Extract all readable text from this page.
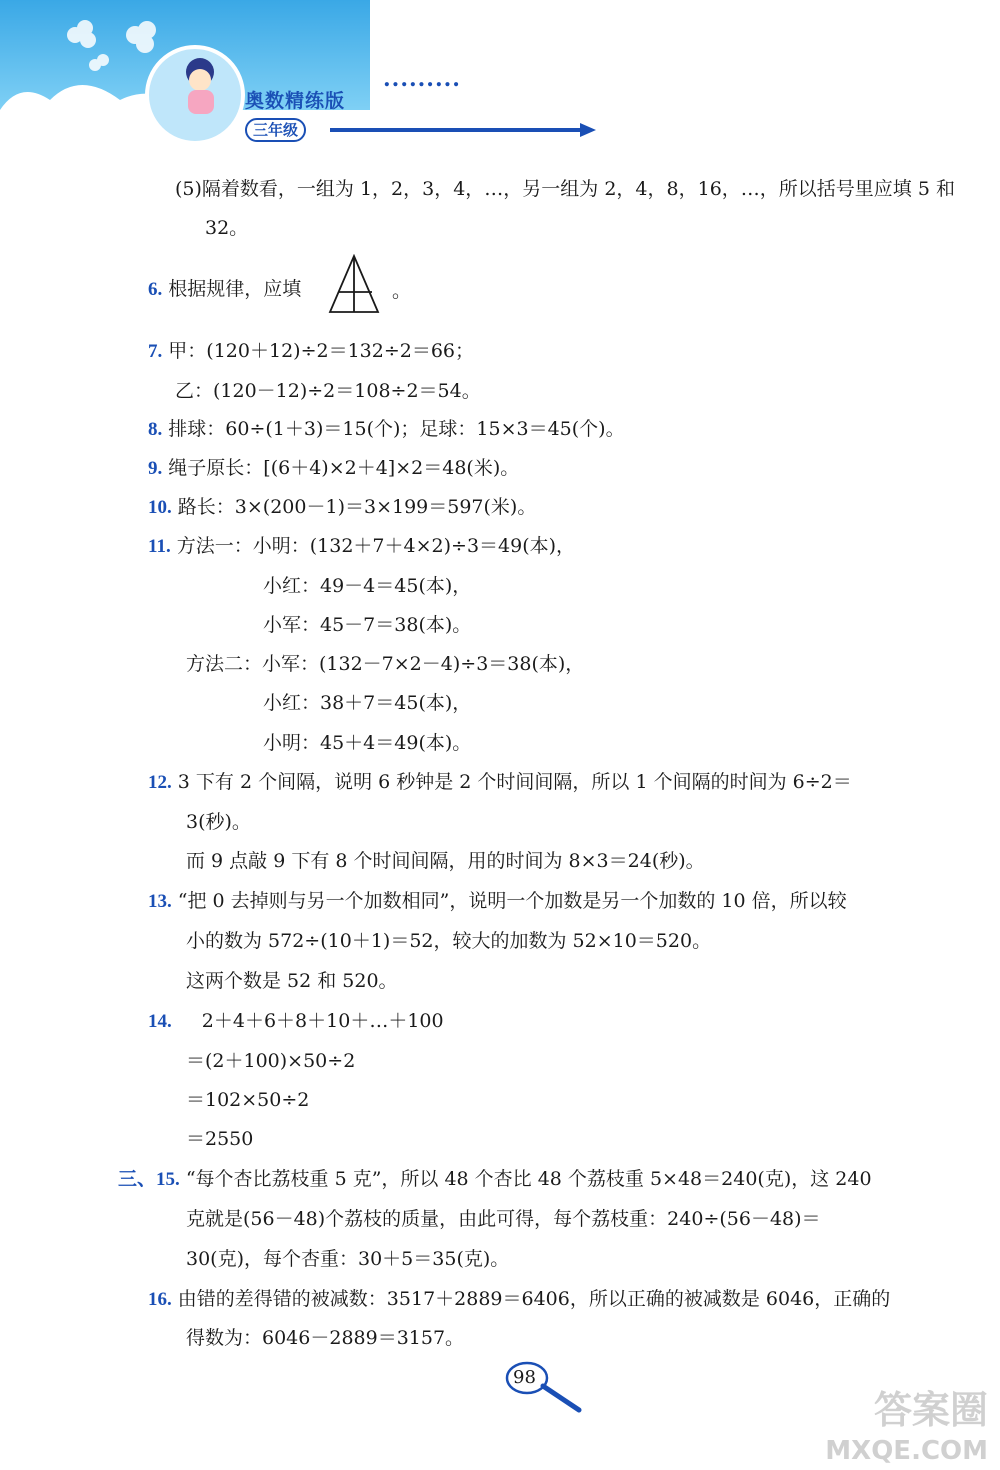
.........
奥数精练版
三年级
(5)隔着数看，一组为 1，2，3，4，…，另一组为 2，4，8，16，…，所以括号里应填 5 和
32。
6. 根据规律，应填	。
7. 甲：(120＋12)÷2＝132÷2＝66；
乙：(120－12)÷2＝108÷2＝54。
8. 排球：60÷(1＋3)＝15(个)；足球：15×3＝45(个)。
9. 绳子原长：[(6＋4)×2＋4]×2＝48(米)。
10. 路长：3×(200－1)＝3×199＝597(米)。
11. 方法一：小明：(132＋7＋4×2)÷3＝49(本)，
小红：49－4＝45(本)，
小军：45－7＝38(本)。
方法二：小军：(132－7×2－4)÷3＝38(本)，
小红：38＋7＝45(本)，
小明：45＋4＝49(本)。
12. 3 下有 2 个间隔，说明 6 秒钟是 2 个时间间隔，所以 1 个间隔的时间为 6÷2＝
3(秒)。
而 9 点敲 9 下有 8 个时间间隔，用的时间为 8×3＝24(秒)。
13. “把 0 去掉则与另一个加数相同”，说明一个加数是另一个加数的 10 倍，所以较
小的数为 572÷(10＋1)＝52，较大的加数为 52×10＝520。
这两个数是 52 和 520。
14. 2＋4＋6＋8＋10＋…＋100
＝(2＋100)×50÷2
＝102×50÷2
＝2550
三、15. “每个杏比荔枝重 5 克”，所以 48 个杏比 48 个荔枝重 5×48＝240(克)，这 240
克就是(56－48)个荔枝的质量，由此可得，每个荔枝重：240÷(56－48)＝
30(克)，每个杏重：30＋5＝35(克)。
16. 由错的差得错的被减数：3517＋2889＝6406，所以正确的被减数是 6046，正确的
得数为：6046－2889＝3157。
98
答案圈
MXQE.COM
